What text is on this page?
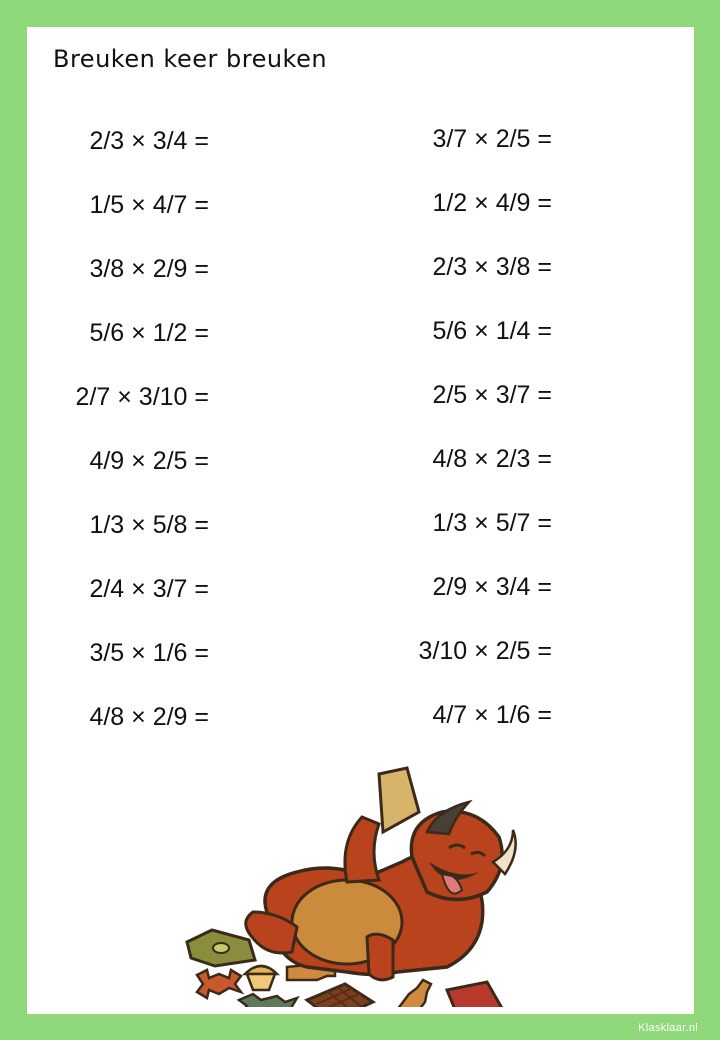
Breuken keer breuken
2/3 × 3/4 =
1/5 × 4/7 =
3/8 × 2/9 =
5/6 × 1/2 =
2/7 × 3/10 =
4/9 × 2/5 =
1/3 × 5/8 =
2/4 × 3/7 =
3/5 × 1/6 =
4/8 × 2/9 =
3/7 × 2/5 =
1/2 × 4/9 =
2/3 × 3/8 =
5/6 × 1/4 =
2/5 × 3/7 =
4/8 × 2/3 =
1/3 × 5/7 =
2/9 × 3/4 =
3/10 × 2/5 =
4/7 × 1/6 =
Klasklaar.nl
